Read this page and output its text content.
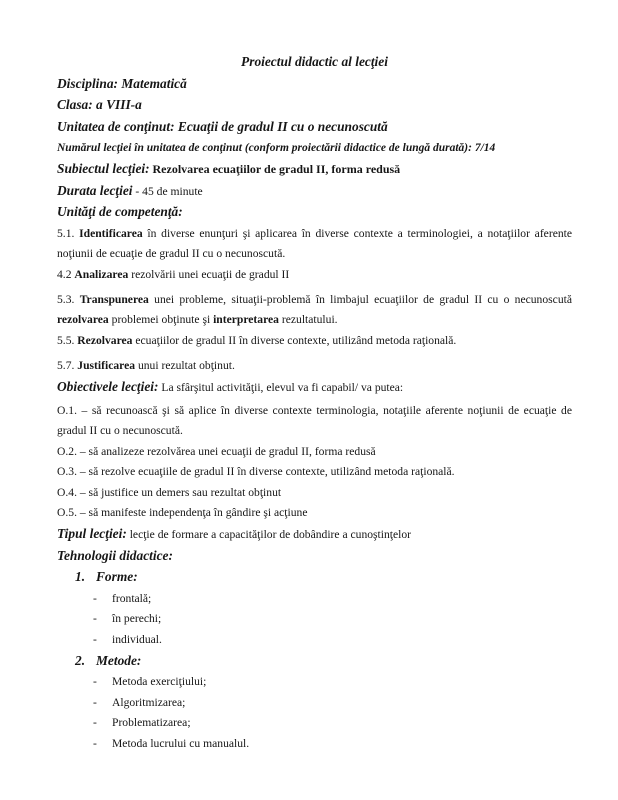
Proiectul didactic al lecţiei

Disciplina: Matematică

Clasa: a VIII-a

Unitatea de conţinut: Ecuaţii de gradul II cu o necunoscută

Numărul lecţiei în unitatea de conţinut (conform proiectării didactice de lungă durată): 7/14

Subiectul lecţiei: Rezolvarea ecuaţiilor de gradul II, forma redusă

Durata lecţiei - 45 de minute

Unităţi de competenţă:

5.1. Identificarea în diverse enunţuri şi aplicarea în diverse contexte a terminologiei, a notaţiilor aferente noţiunii de ecuaţie de gradul II cu o necunoscută.

4.2 Analizarea rezolvării unei ecuaţii de gradul II

5.3. Transpunerea unei probleme, situaţii-problemă în limbajul ecuaţiilor de gradul II cu o necunoscută rezolvarea problemei obţinute şi interpretarea rezultatului.

5.5. Rezolvarea ecuaţiilor de gradul II în diverse contexte, utilizând metoda raţională.

5.7. Justificarea unui rezultat obţinut.

Obiectivele lecţiei: La sfârşitul activităţii, elevul va fi capabil/ va putea:

O.1. – să recunoască şi să aplice în diverse contexte terminologia, notaţiile aferente noţiunii de ecuaţie de gradul II cu o necunoscută.

O.2. – să analizeze rezolvărea unei ecuaţii de gradul II, forma redusă

O.3. – să rezolve ecuaţiile de gradul II în diverse contexte, utilizând metoda raţională.

O.4. – să justifice un demers sau rezultat obţinut

O.5. – să manifeste independenţa în gândire şi acţiune

Tipul lecţiei: lecţie de formare a capacităţilor de dobândire a cunoştinţelor

Tehnologii didactice:

1. Forme:

- frontală;

- în perechi;

- individual.

2. Metode:

- Metoda exerciţiului;

- Algoritmizarea;

- Problematizarea;

- Metoda lucrului cu manualul.
